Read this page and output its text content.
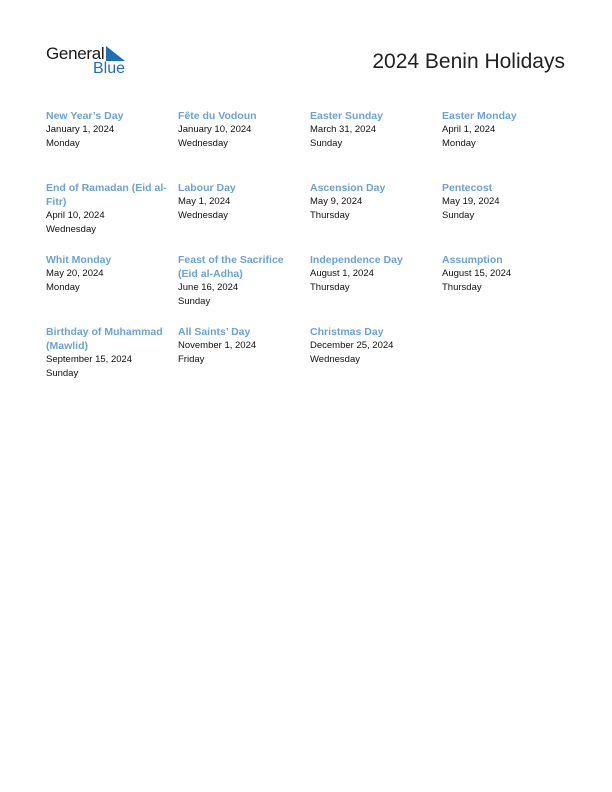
General
Blue	2024 Benin Holidays
New Year’s Day
January 1, 2024
Monday
Fête du Vodoun
January 10, 2024
Wednesday
Easter Sunday
March 31, 2024
Sunday
Easter Monday
April 1, 2024
Monday
End of Ramadan (Eid al-Fitr)
April 10, 2024
Wednesday
Labour Day
May 1, 2024
Wednesday
Ascension Day
May 9, 2024
Thursday
Pentecost
May 19, 2024
Sunday
Whit Monday
May 20, 2024
Monday
Feast of the Sacrifice (Eid al-Adha)
June 16, 2024
Sunday
Independence Day
August 1, 2024
Thursday
Assumption
August 15, 2024
Thursday
Birthday of Muhammad (Mawlid)
September 15, 2024
Sunday
All Saints’ Day
November 1, 2024
Friday
Christmas Day
December 25, 2024
Wednesday
